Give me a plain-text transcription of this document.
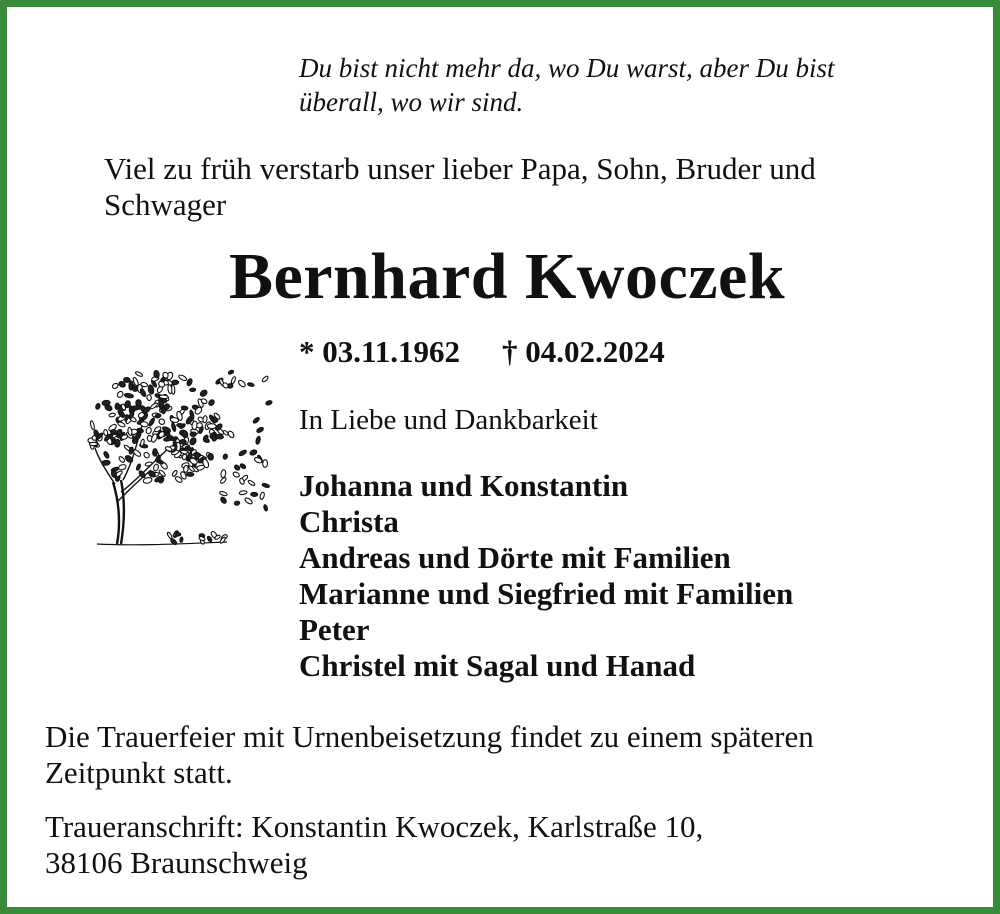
Du bist nicht mehr da, wo Du warst, aber Du bist
überall, wo wir sind.

Viel zu früh verstarb unser lieber Papa, Sohn, Bruder und
Schwager

Bernhard Kwoczek
* 03.11.1962 † 04.02.2024

In Liebe und Dankbarkeit

Johanna und Konstantin
Christa
Andreas und Dörte mit Familien
Marianne und Siegfried mit Familien
Peter
Christel mit Sagal und Hanad

Die Trauerfeier mit Urnenbeisetzung findet zu einem späteren
Zeitpunkt statt.

Traueranschrift: Konstantin Kwoczek, Karlstraße 10,
38106 Braunschweig
